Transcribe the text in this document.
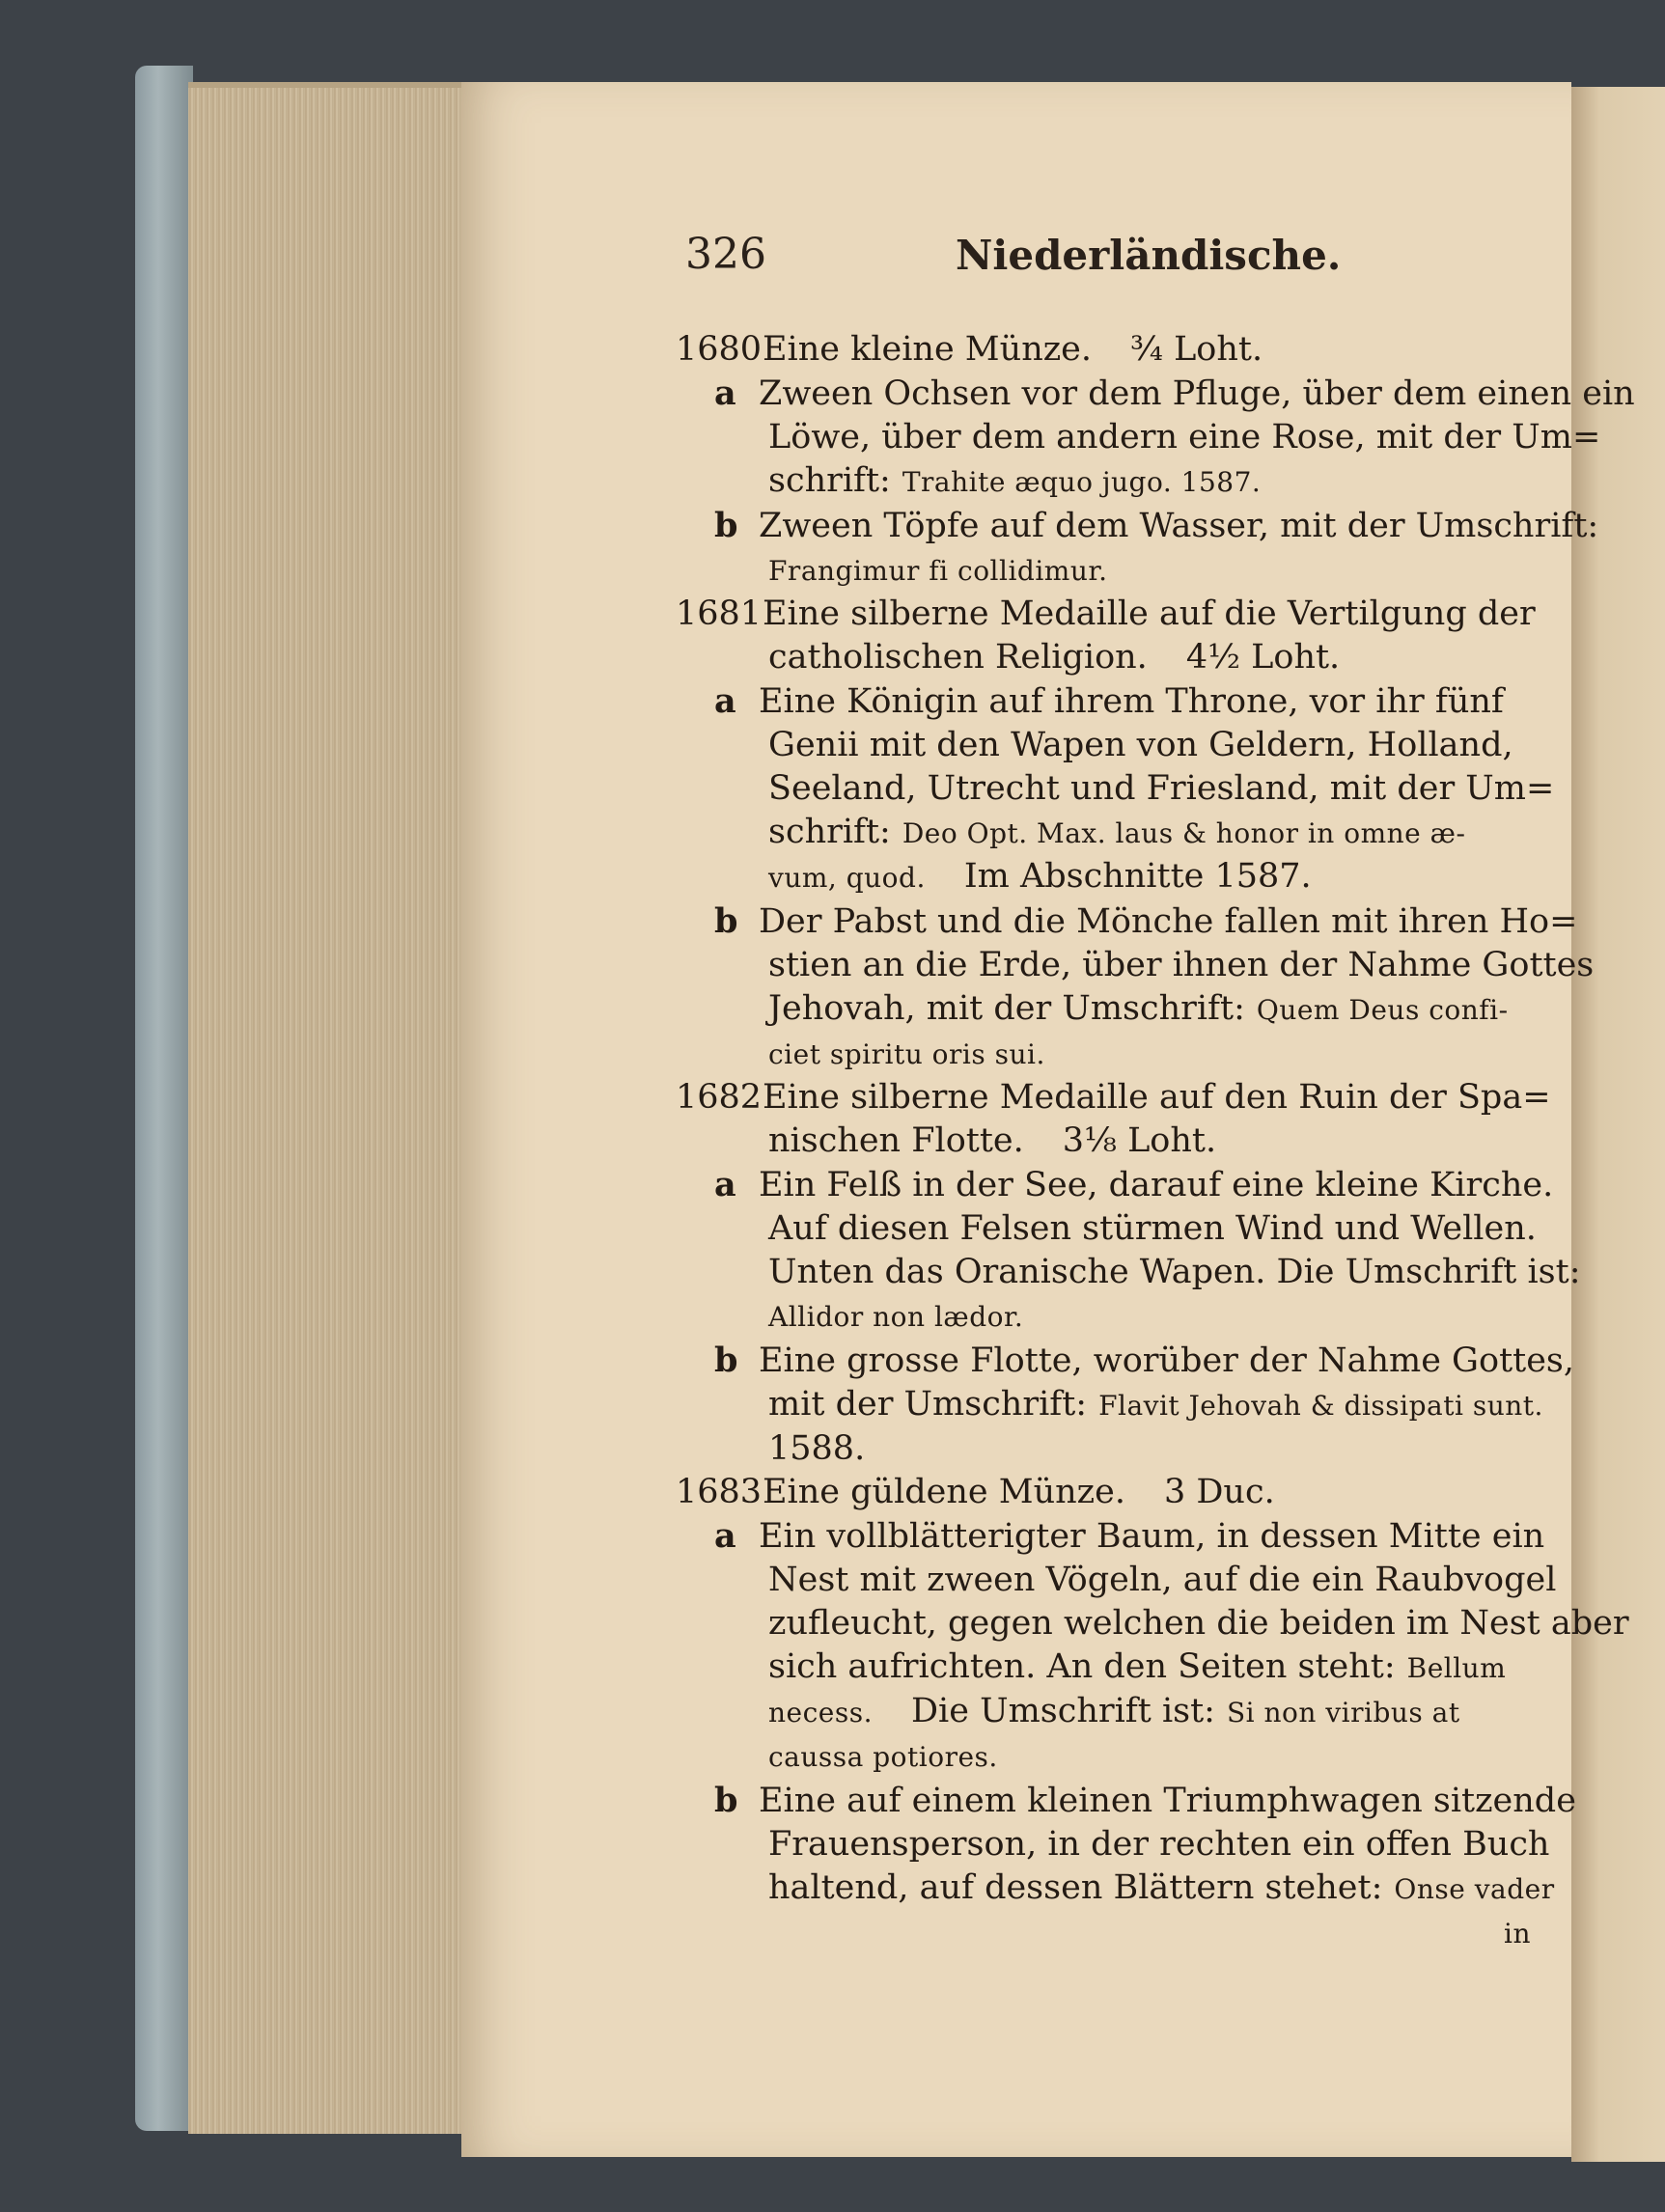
326	Niederländische.
1680Eine kleine Münze. ¾ Loht.
a Zween Ochsen vor dem Pfluge, über dem einen ein
Löwe, über dem andern eine Rose, mit der Um=
schrift: Trahite æquo jugo. 1587.
b Zween Töpfe auf dem Wasser, mit der Umschrift:
Frangimur fi collidimur.
1681Eine silberne Medaille auf die Vertilgung der
catholischen Religion. 4½ Loht.
a Eine Königin auf ihrem Throne, vor ihr fünf
Genii mit den Wapen von Geldern, Holland,
Seeland, Utrecht und Friesland, mit der Um=
schrift: Deo Opt. Max. laus & honor in omne æ-
vum, quod. Im Abschnitte 1587.
b Der Pabst und die Mönche fallen mit ihren Ho=
stien an die Erde, über ihnen der Nahme Gottes
Jehovah, mit der Umschrift: Quem Deus confi-
ciet spiritu oris sui.
1682Eine silberne Medaille auf den Ruin der Spa=
nischen Flotte. 3⅛ Loht.
a Ein Felß in der See, darauf eine kleine Kirche.
Auf diesen Felsen stürmen Wind und Wellen.
Unten das Oranische Wapen. Die Umschrift ist:
Allidor non lædor.
b Eine grosse Flotte, worüber der Nahme Gottes,
mit der Umschrift: Flavit Jehovah & dissipati sunt.
1588.
1683Eine güldene Münze. 3 Duc.
a Ein vollblätterigter Baum, in dessen Mitte ein
Nest mit zween Vögeln, auf die ein Raubvogel
zufleucht, gegen welchen die beiden im Nest aber
sich aufrichten. An den Seiten steht: Bellum
necess. Die Umschrift ist: Si non viribus at
caussa potiores.
b Eine auf einem kleinen Triumphwagen sitzende
Frauensperson, in der rechten ein offen Buch
haltend, auf dessen Blättern stehet: Onse vader
in
